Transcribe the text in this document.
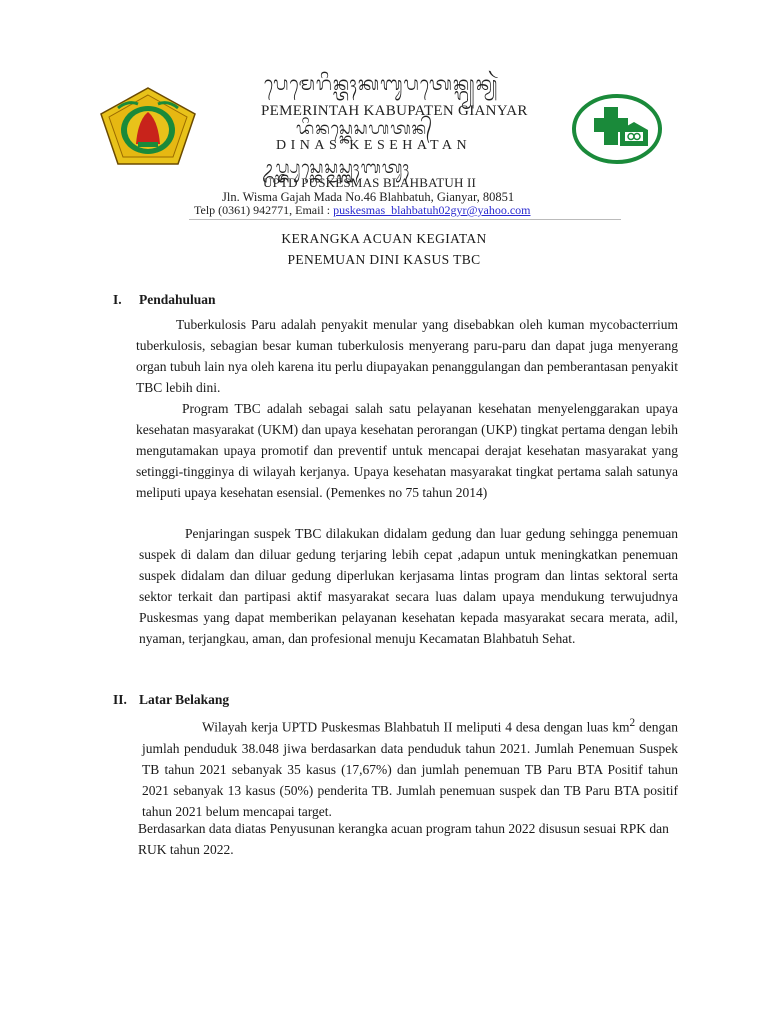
ᬧᬾᬫᬾᬭᬶᬦ᭄ᬢᬄᬓᬩᬸᬧᬢᬾᬦ᭄ᬕ᭄ᬬᬦ᭄ᬬᬃ
PEMERINTAH KABUPATEN GIANYAR
ᬤᬶᬦᬲ᭄ᬓᬾᬲᬳᬢᬦ᭄
DINAS KESEHATAN
ᬉᬧ᭄ᬢ᭄ᬤ᭄ᬧᬸᬲ᭄ᬓᬾᬲ᭄ᬫᬲ᭄ᬩ᭄ᬮᬄᬩᬢᬸᬄ
UPTD PUSKESMAS BLAHBATUH II
Jln. Wisma Gajah Mada No.46 Blahbatuh, Gianyar, 80851
Telp (0361) 942771, Email : puskesmas_blahbatuh02gyr@yahoo.com
KERANGKA ACUAN KEGIATAN
PENEMUAN DINI KASUS TBC
I. Pendahuluan
Tuberkulosis Paru adalah penyakit menular yang disebabkan oleh kuman mycobacterrium tuberkulosis, sebagian besar kuman tuberkulosis menyerang paru-paru dan dapat juga menyerang organ tubuh lain nya oleh karena itu perlu diupayakan penanggulangan dan pemberantasan penyakit TBC lebih dini.
Program TBC adalah sebagai salah satu pelayanan kesehatan menyelenggarakan upaya kesehatan masyarakat (UKM) dan upaya kesehatan perorangan (UKP) tingkat pertama dengan lebih mengutamakan upaya promotif dan preventif untuk mencapai derajat kesehatan masyarakat yang setinggi-tingginya di wilayah kerjanya. Upaya kesehatan masyarakat tingkat pertama salah satunya meliputi upaya kesehatan esensial. (Pemenkes no 75 tahun 2014)
Penjaringan suspek TBC dilakukan didalam gedung dan luar gedung sehingga penemuan suspek di dalam dan diluar gedung terjaring lebih cepat ,adapun untuk meningkatkan penemuan suspek didalam dan diluar gedung diperlukan kerjasama lintas program dan lintas sektoral serta sektor terkait dan partipasi aktif masyarakat secara luas dalam upaya mendukung terwujudnya Puskesmas yang dapat memberikan pelayanan kesehatan kepada masyarakat secara merata, adil, nyaman, terjangkau, aman, dan profesional menuju Kecamatan Blahbatuh Sehat.
II. Latar Belakang
Wilayah kerja UPTD Puskesmas Blahbatuh II meliputi 4 desa dengan luas $km^2$ dengan jumlah penduduk 38.048 jiwa berdasarkan data penduduk tahun 2021. Jumlah Penemuan Suspek TB tahun 2021 sebanyak 35 kasus (17,67%) dan jumlah penemuan TB Paru BTA Positif tahun 2021 sebanyak 13 kasus (50%) penderita TB. Jumlah penemuan suspek dan TB Paru BTA positif tahun 2021 belum mencapai target.
Berdasarkan data diatas Penyusunan kerangka acuan program tahun 2022 disusun sesuai RPK dan RUK tahun 2022.
